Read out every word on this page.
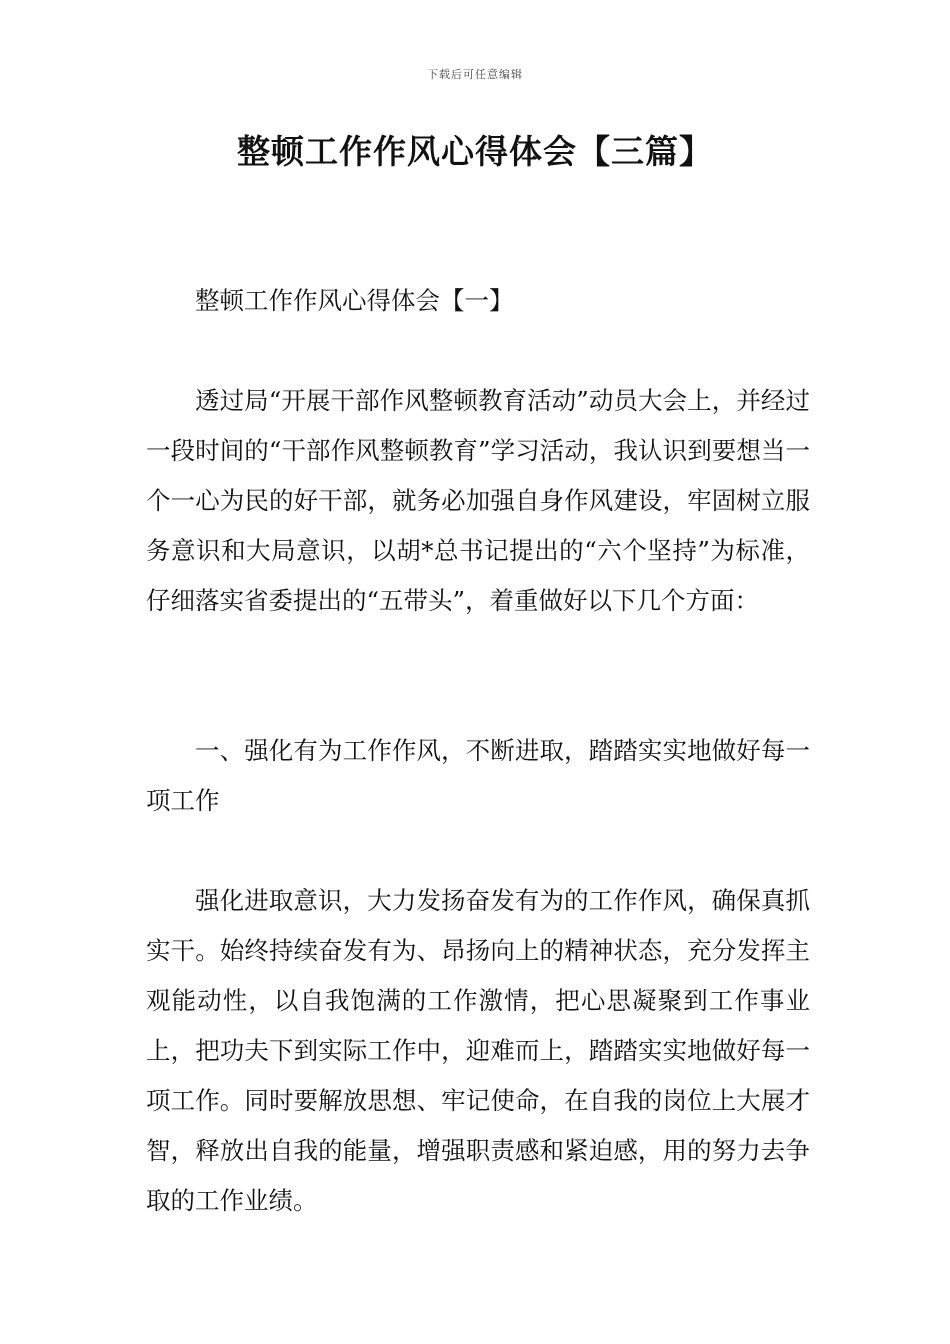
下载后可任意编辑
整顿工作作风心得体会【三篇】

整顿工作作风心得体会【一】

透过局“开展干部作风整顿教育活动”动员大会上，并经过一段时间的“干部作风整顿教育”学习活动，我认识到要想当一个一心为民的好干部，就务必加强自身作风建设，牢固树立服务意识和大局意识，以胡*总书记提出的“六个坚持”为标准，仔细落实省委提出的“五带头”，着重做好以下几个方面：

一、强化有为工作作风，不断进取，踏踏实实地做好每一项工作

强化进取意识，大力发扬奋发有为的工作作风，确保真抓实干。始终持续奋发有为、昂扬向上的精神状态，充分发挥主观能动性，以自我饱满的工作激情，把心思凝聚到工作事业上，把功夫下到实际工作中，迎难而上，踏踏实实地做好每一项工作。同时要解放思想、牢记使命，在自我的岗位上大展才智，释放出自我的能量，增强职责感和紧迫感，用的努力去争取的工作业绩。
